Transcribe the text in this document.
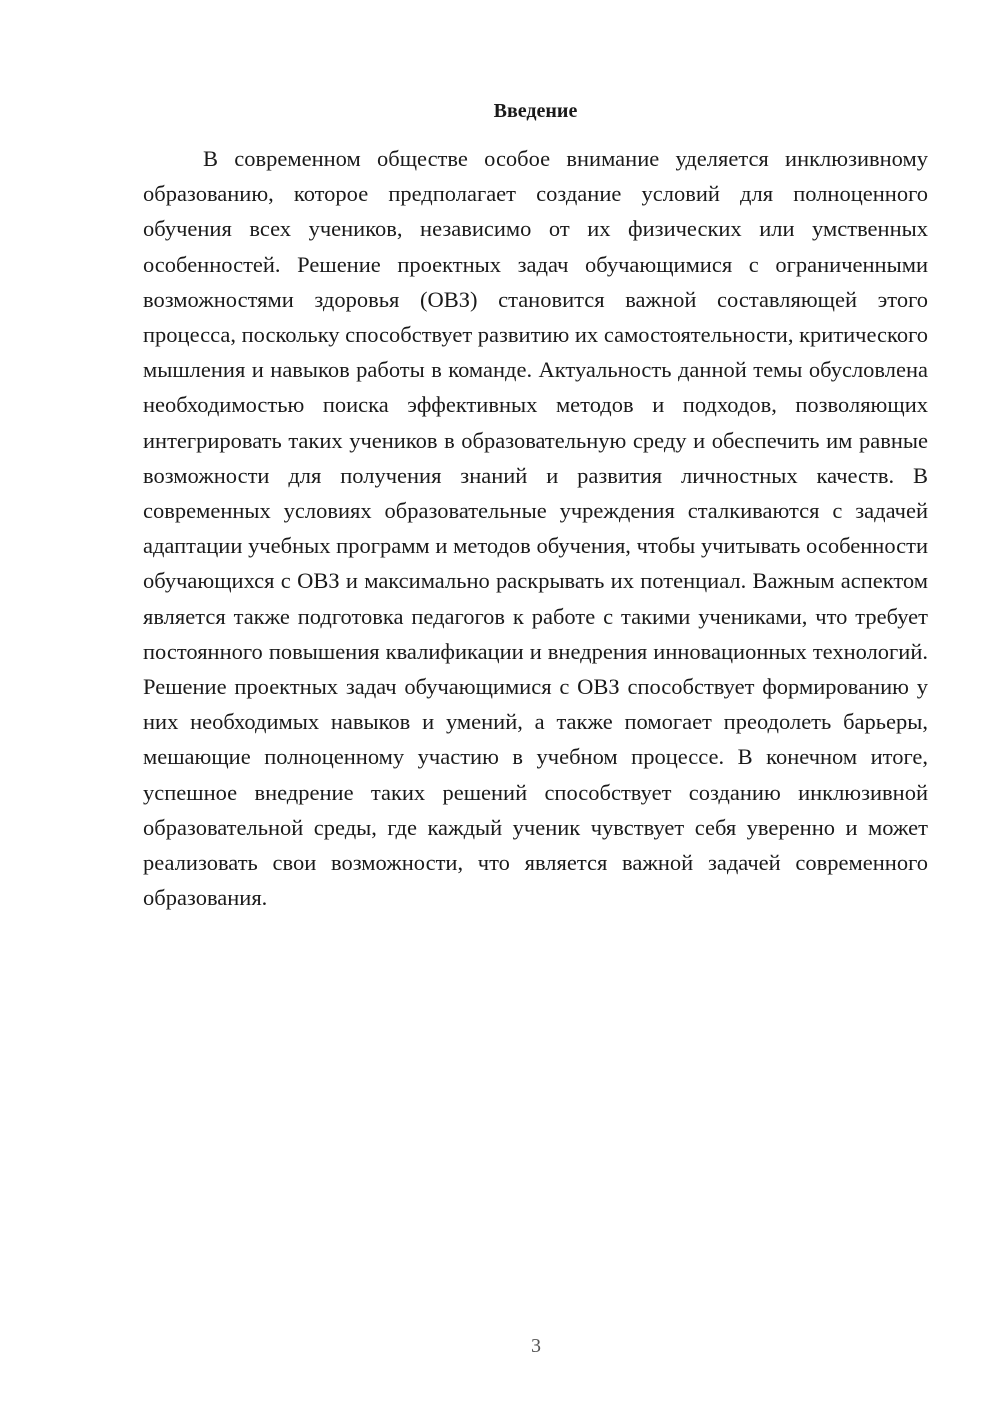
Введение

В современном обществе особое внимание уделяется инклюзивному образованию, которое предполагает создание условий для полноценного обучения всех учеников, независимо от их физических или умственных особенностей. Решение проектных задач обучающимися с ограниченными возможностями здоровья (ОВЗ) становится важной составляющей этого процесса, поскольку способствует развитию их самостоятельности, критического мышления и навыков работы в команде. Актуальность данной темы обусловлена необходимостью поиска эффективных методов и подходов, позволяющих интегрировать таких учеников в образовательную среду и обеспечить им равные возможности для получения знаний и развития личностных качеств. В современных условиях образовательные учреждения сталкиваются с задачей адаптации учебных программ и методов обучения, чтобы учитывать особенности обучающихся с ОВЗ и максимально раскрывать их потенциал. Важным аспектом является также подготовка педагогов к работе с такими учениками, что требует постоянного повышения квалификации и внедрения инновационных технологий. Решение проектных задач обучающимися с ОВЗ способствует формированию у них необходимых навыков и умений, а также помогает преодолеть барьеры, мешающие полноценному участию в учебном процессе. В конечном итоге, успешное внедрение таких решений способствует созданию инклюзивной образовательной среды, где каждый ученик чувствует себя уверенно и может реализовать свои возможности, что является важной задачей современного образования.

3
